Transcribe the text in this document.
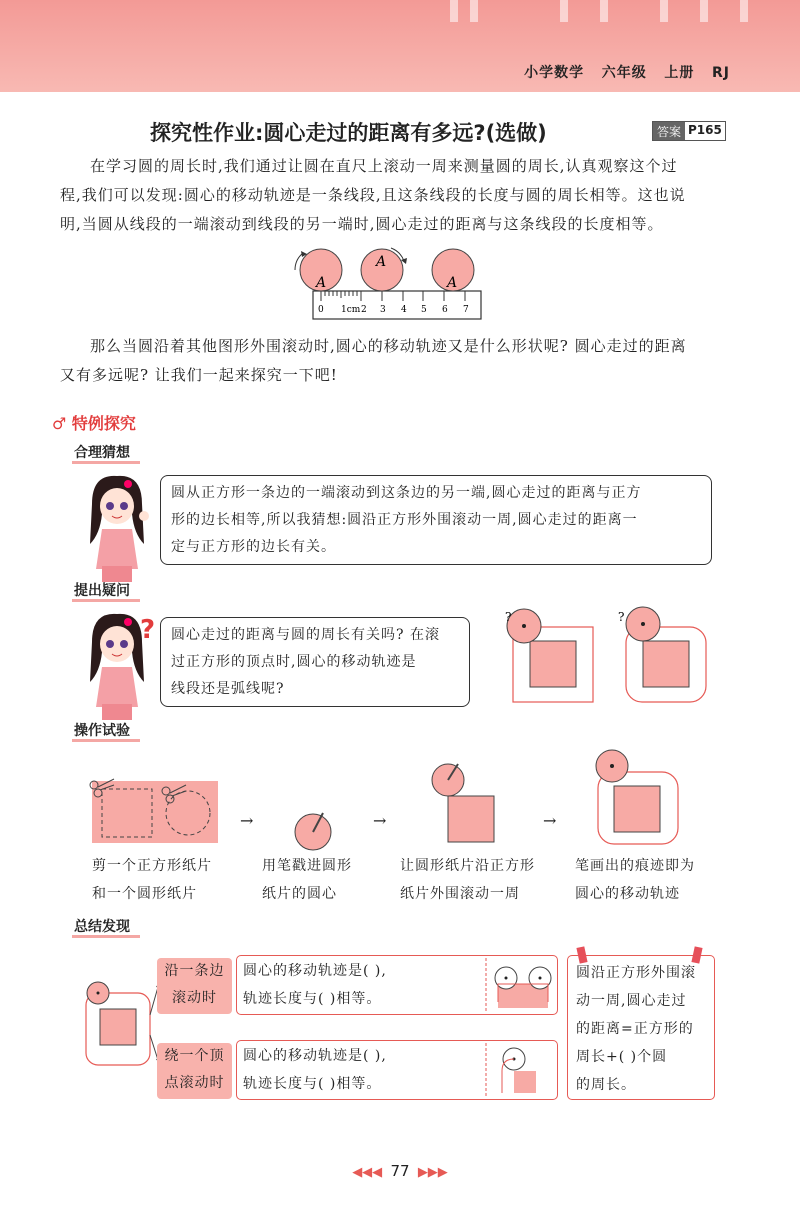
小学数学 六年级 上册 RJ
探究性作业:圆心走过的距离有多远?(选做)	答案 P165
在学习圆的周长时,我们通过让圆在直尺上滚动一周来测量圆的周长,认真观察这个过
程,我们可以发现:圆心的移动轨迹是一条线段,且这条线段的长度与圆的周长相等。这也说
明,当圆从线段的一端滚动到线段的另一端时,圆心走过的距离与这条线段的长度相等。
A
A
A
0 1cm 2 3 4 5 6 7
那么当圆沿着其他图形外围滚动时,圆心的移动轨迹又是什么形状呢? 圆心走过的距离
又有多远呢? 让我们一起来探究一下吧!
♂ 特例探究
合理猜想
圆从正方形一条边的一端滚动到这条边的另一端,圆心走过的距离与正方
形的边长相等,所以我猜想:圆沿正方形外围滚动一周,圆心走过的距离一
定与正方形的边长有关。
提出疑问
? 圆心走过的距离与圆的周长有关吗? 在滚
过正方形的顶点时,圆心的移动轨迹是
线段还是弧线呢?
?	?
操作试验
→	→	→
剪一个正方形纸片
和一个圆形纸片
用笔戳进圆形
纸片的圆心
让圆形纸片沿正方形
纸片外围滚动一周
笔画出的痕迹即为
圆心的移动轨迹
总结发现
沿一条边
滚动时
圆心的移动轨迹是( ),
轨迹长度与( )相等。
绕一个顶
点滚动时
圆心的移动轨迹是( ),
轨迹长度与( )相等。
圆沿正方形外围滚
动一周,圆心走过
的距离=正方形的
周长+( )个圆
的周长。
◀◀◀ 77 ▶▶▶
